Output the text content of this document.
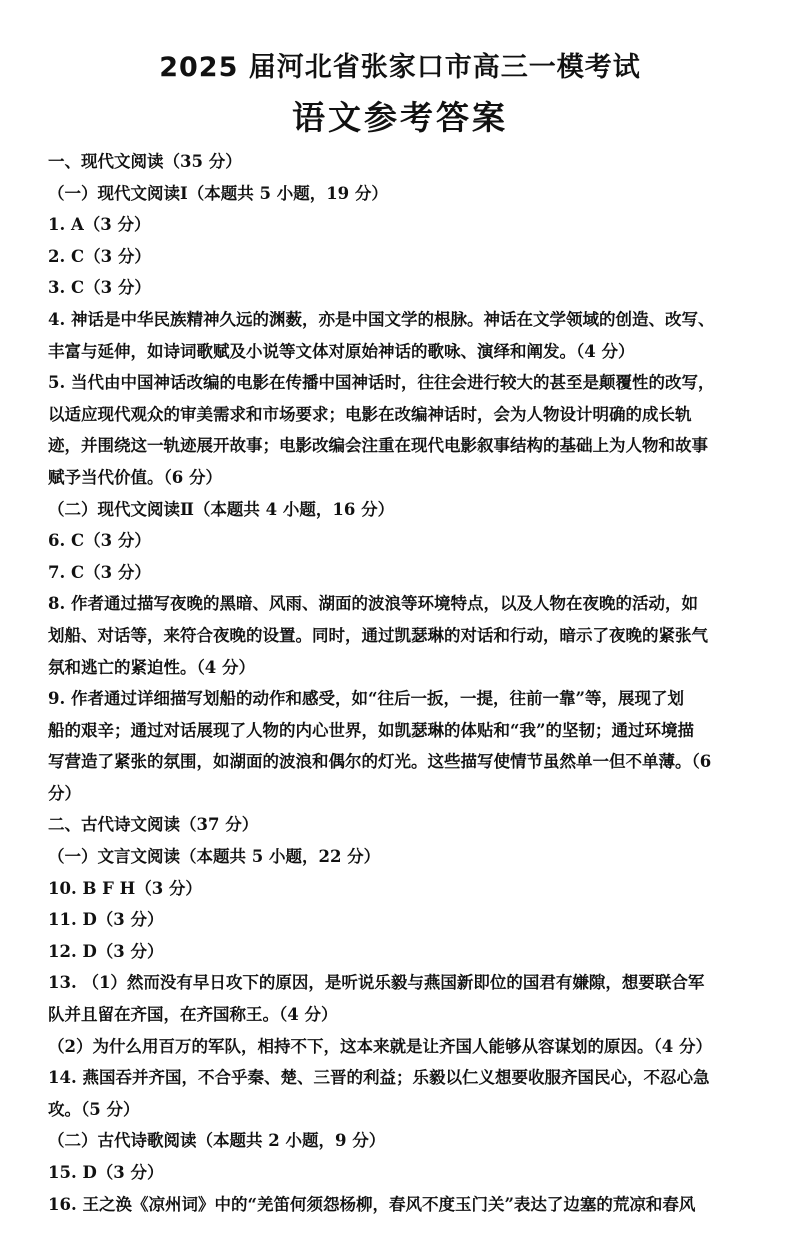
2025 届河北省张家口市高三一模考试
语文参考答案
一、现代文阅读（35 分）
（一）现代文阅读Ⅰ（本题共 5 小题，19 分）
1. A（3 分）
2. C（3 分）
3. C（3 分）
4. 神话是中华民族精神久远的渊薮，亦是中国文学的根脉。神话在文学领域的创造、改写、
丰富与延伸，如诗词歌赋及小说等文体对原始神话的歌咏、演绎和阐发。（4 分）
5. 当代由中国神话改编的电影在传播中国神话时，往往会进行较大的甚至是颠覆性的改写，
以适应现代观众的审美需求和市场要求；电影在改编神话时，会为人物设计明确的成长轨
迹，并围绕这一轨迹展开故事；电影改编会注重在现代电影叙事结构的基础上为人物和故事
赋予当代价值。（6 分）
（二）现代文阅读Ⅱ（本题共 4 小题，16 分）
6. C（3 分）
7. C（3 分）
8. 作者通过描写夜晚的黑暗、风雨、湖面的波浪等环境特点，以及人物在夜晚的活动，如
划船、对话等，来符合夜晚的设置。同时，通过凯瑟琳的对话和行动，暗示了夜晚的紧张气
氛和逃亡的紧迫性。（4 分）
9. 作者通过详细描写划船的动作和感受，如“往后一扳，一提，往前一靠”等，展现了划
船的艰辛；通过对话展现了人物的内心世界，如凯瑟琳的体贴和“我”的坚韧；通过环境描
写营造了紧张的氛围，如湖面的波浪和偶尔的灯光。这些描写使情节虽然单一但不单薄。（6
分）
二、古代诗文阅读（37 分）
（一）文言文阅读（本题共 5 小题，22 分）
10. B F H（3 分）
11. D（3 分）
12. D（3 分）
13. （1）然而没有早日攻下的原因，是听说乐毅与燕国新即位的国君有嫌隙，想要联合军
队并且留在齐国，在齐国称王。（4 分）
（2）为什么用百万的军队，相持不下，这本来就是让齐国人能够从容谋划的原因。（4 分）
14. 燕国吞并齐国，不合乎秦、楚、三晋的利益；乐毅以仁义想要收服齐国民心，不忍心急
攻。（5 分）
（二）古代诗歌阅读（本题共 2 小题，9 分）
15. D（3 分）
16. 王之涣《凉州词》中的“羌笛何须怨杨柳，春风不度玉门关”表达了边塞的荒凉和春风
